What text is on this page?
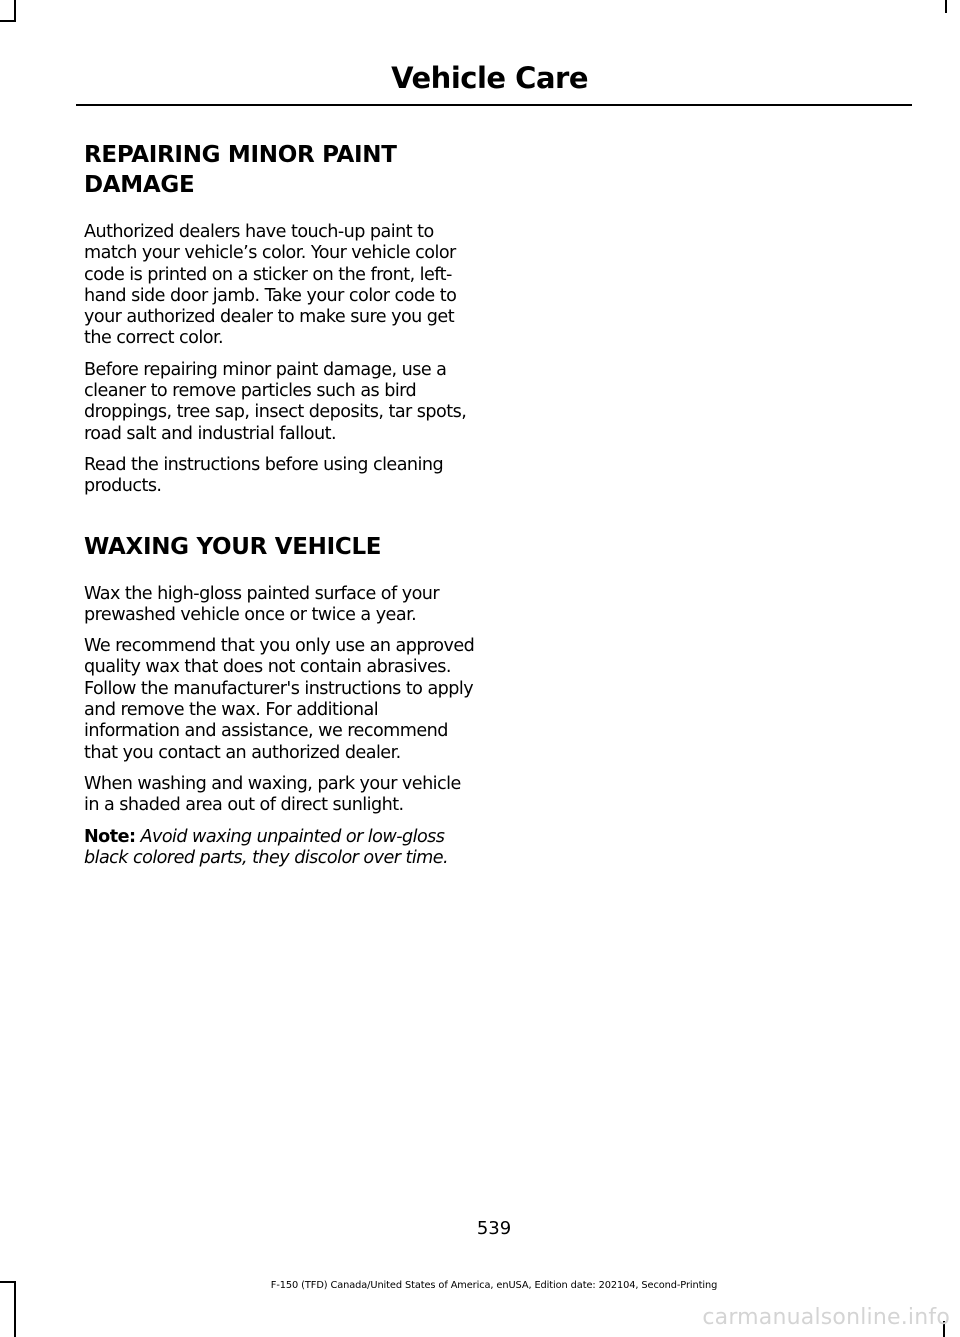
Vehicle Care
REPAIRING MINOR PAINT
DAMAGE

Authorized dealers have touch-up paint to match your vehicle’s color. Your vehicle color code is printed on a sticker on the front, left-hand side door jamb. Take your color code to your authorized dealer to make sure you get the correct color.

Before repairing minor paint damage, use a cleaner to remove particles such as bird droppings, tree sap, insect deposits, tar spots, road salt and industrial fallout.

Read the instructions before using cleaning products.

WAXING YOUR VEHICLE

Wax the high-gloss painted surface of your prewashed vehicle once or twice a year.

We recommend that you only use an approved quality wax that does not contain abrasives. Follow the manufacturer's instructions to apply and remove the wax. For additional information and assistance, we recommend that you contact an authorized dealer.

When washing and waxing, park your vehicle in a shaded area out of direct sunlight.

Note: Avoid waxing unpainted or low-gloss black colored parts, they discolor over time.

539
F-150 (TFD) Canada/United States of America, enUSA, Edition date: 202104, Second-Printing
carmanualsonline.info
